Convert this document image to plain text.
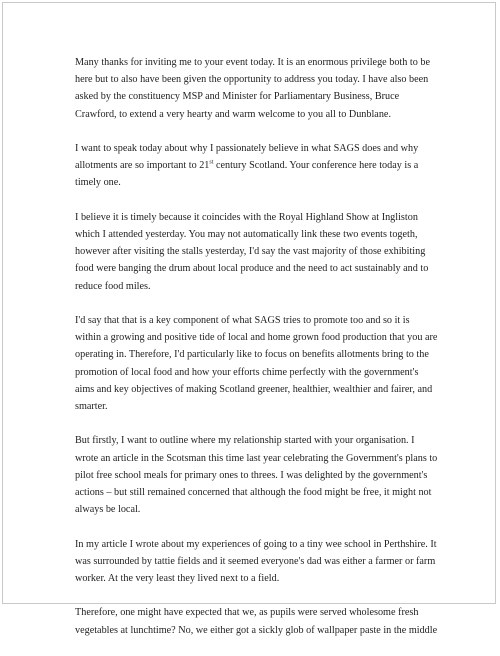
Many thanks for inviting me to your event today. It is an enormous privilege both to be
here but to also have been given the opportunity to address you today. I have also been
asked by the constituency MSP and Minister for Parliamentary Business, Bruce
Crawford, to extend a very hearty and warm welcome to you all to Dunblane.

I want to speak today about why I passionately believe in what SAGS does and why
allotments are so important to 21st century Scotland. Your conference here today is a
timely one.

I believe it is timely because it coincides with the Royal Highland Show at Ingliston
which I attended yesterday. You may not automatically link these two events togeth,
however after visiting the stalls yesterday, I'd say the vast majority of those exhibiting
food were banging the drum about local produce and the need to act sustainably and to
reduce food miles.

I'd say that that is a key component of what SAGS tries to promote too and so it is
within a growing and positive tide of local and home grown food production that you are
operating in. Therefore, I'd particularly like to focus on benefits allotments bring to the
promotion of local food and how your efforts chime perfectly with the government's
aims and key objectives of making Scotland greener, healthier, wealthier and fairer, and
smarter.

But firstly, I want to outline where my relationship started with your organisation. I
wrote an article in the Scotsman this time last year celebrating the Government's plans to
pilot free school meals for primary ones to threes. I was delighted by the government's
actions – but still remained concerned that although the food might be free, it might not
always be local.

In my article I wrote about my experiences of going to a tiny wee school in Perthshire. It
was surrounded by tattie fields and it seemed everyone's dad was either a farmer or farm
worker. At the very least they lived next to a field.

Therefore, one might have expected that we, as pupils were served wholesome fresh
vegetables at lunchtime? No, we either got a sickly glob of wallpaper paste in the middle
